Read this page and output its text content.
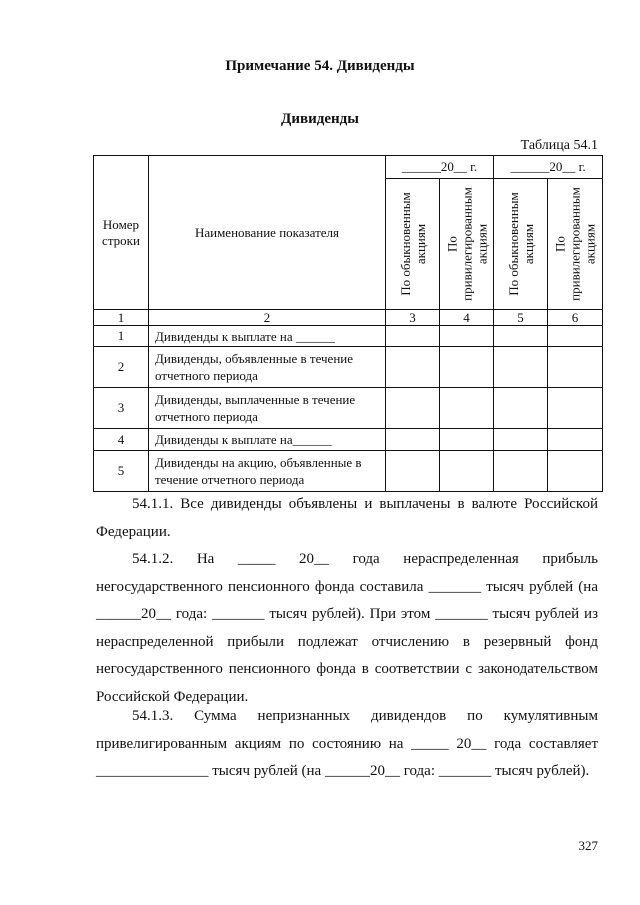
Примечание 54. Дивиденды
Дивиденды
Таблица 54.1
Номер строки	Наименование показателя	______20__ г.		______20__ г.	

		По обыкновенным акциям	По привилегированным акциям	По обыкновенным акциям	По привилегированным акциям

1	2	3	4	5	6
1	Дивиденды к выплате на ______				
2	Дивиденды, объявленные в течение отчетного периода				
3	Дивиденды, выплаченные в течение отчетного периода				
4	Дивиденды к выплате на______				
5	Дивиденды на акцию, объявленные в течение отчетного периода				
54.1.1. Все дивиденды объявлены и выплачены в валюте Российской Федерации.
54.1.2. На _____ 20__ года нераспределенная прибыль негосударственного пенсионного фонда составила _______ тысяч рублей (на ______20__ года: _______ тысяч рублей). При этом _______ тысяч рублей из нераспределенной прибыли подлежат отчислению в резервный фонд негосударственного пенсионного фонда в соответствии с законодательством Российской Федерации.
54.1.3. Сумма непризнанных дивидендов по кумулятивным привелигированным акциям по состоянию на _____ 20__ года составляет _______________ тысяч рублей (на ______20__ года: _______ тысяч рублей).
327
